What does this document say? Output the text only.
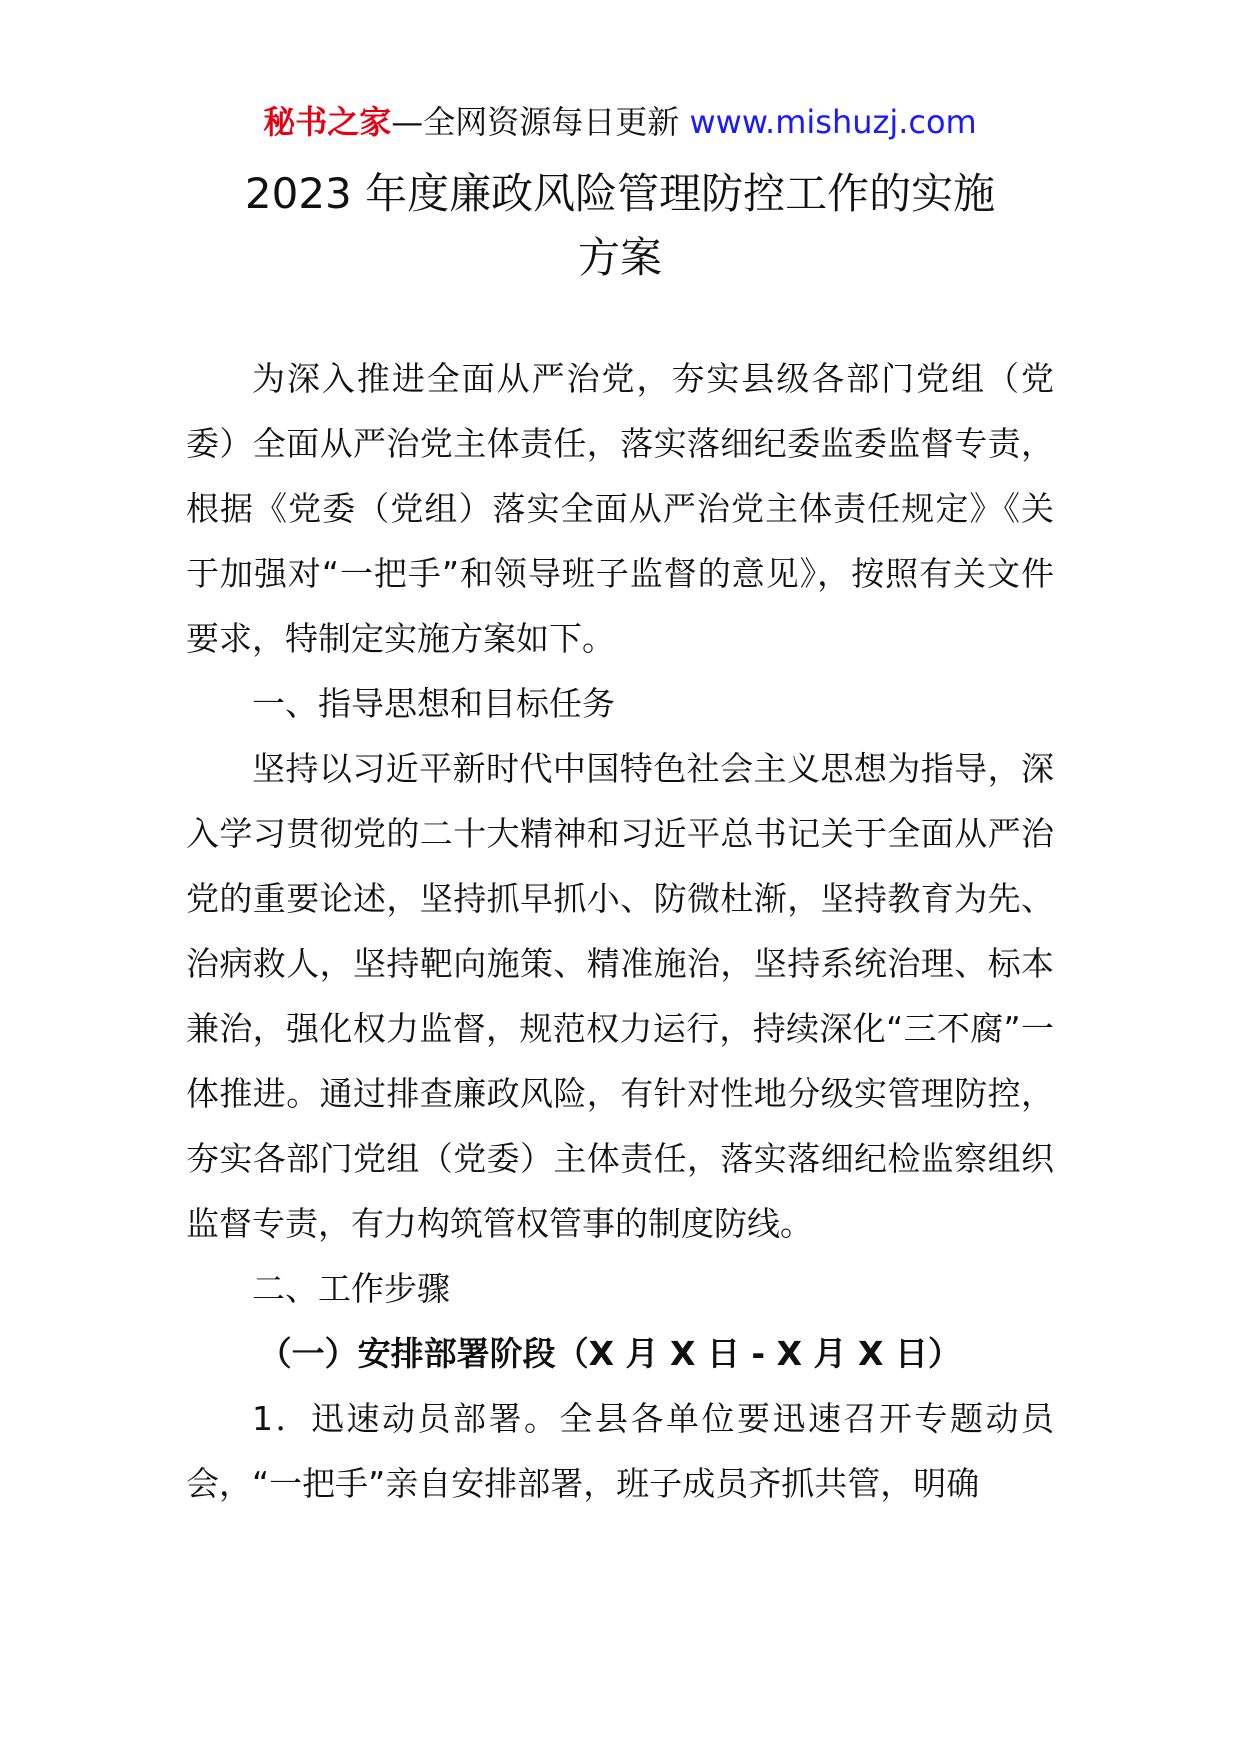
秘书之家—全网资源每日更新 www.mishuzj.com
2023 年度廉政风险管理防控工作的实施
方案

为深入推进全面从严治党，夯实县级各部门党组（党委）全面从严治党主体责任，落实落细纪委监委监督专责，根据《党委（党组）落实全面从严治党主体责任规定》《关于加强对“一把手”和领导班子监督的意见》，按照有关文件要求，特制定实施方案如下。

一、指导思想和目标任务

坚持以习近平新时代中国特色社会主义思想为指导，深入学习贯彻党的二十大精神和习近平总书记关于全面从严治党的重要论述，坚持抓早抓小、防微杜渐，坚持教育为先、治病救人，坚持靶向施策、精准施治，坚持系统治理、标本兼治，强化权力监督，规范权力运行，持续深化“三不腐”一体推进。通过排查廉政风险，有针对性地分级实管理防控，夯实各部门党组（党委）主体责任，落实落细纪检监察组织监督专责，有力构筑管权管事的制度防线。

二、工作步骤

（一）安排部署阶段（X 月 X 日 - X 月 X 日）

1．迅速动员部署。全县各单位要迅速召开专题动员会，“一把手”亲自安排部署，班子成员齐抓共管，明确
